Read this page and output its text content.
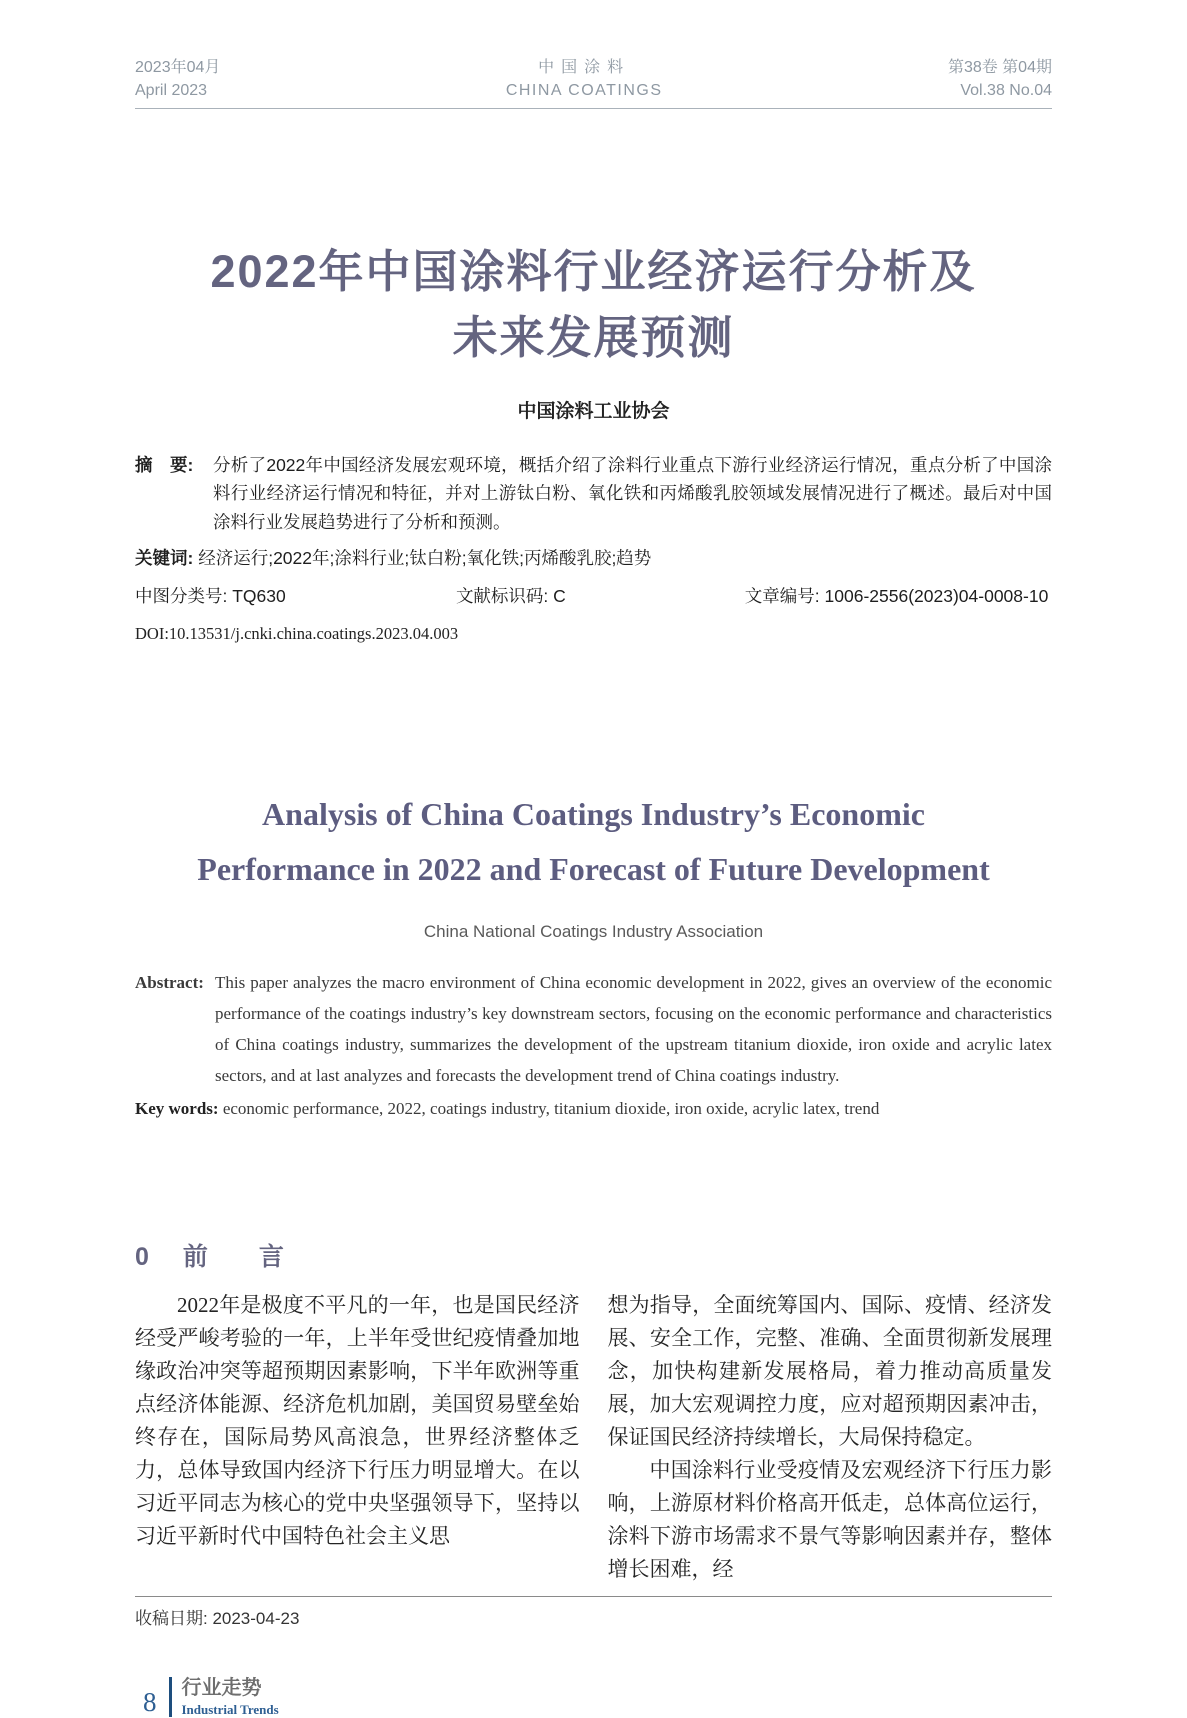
2023年04月
April 2023
中国涂料
CHINA COATINGS
第38卷 第04期
Vol.38 No.04
2022年中国涂料行业经济运行分析及
未来发展预测
中国涂料工业协会
摘　要: 分析了2022年中国经济发展宏观环境，概括介绍了涂料行业重点下游行业经济运行情况，重点分析了中国涂料行业经济运行情况和特征，并对上游钛白粉、氧化铁和丙烯酸乳胶领域发展情况进行了概述。最后对中国涂料行业发展趋势进行了分析和预测。
关键词: 经济运行;2022年;涂料行业;钛白粉;氧化铁;丙烯酸乳胶;趋势
中图分类号: TQ630	文献标识码: C	文章编号: 1006-2556(2023)04-0008-10
DOI:10.13531/j.cnki.china.coatings.2023.04.003
Analysis of China Coatings Industry’s Economic
Performance in 2022 and Forecast of Future Development
China National Coatings Industry Association
Abstract: This paper analyzes the macro environment of China economic development in 2022, gives an overview of the economic performance of the coatings industry’s key downstream sectors, focusing on the economic performance and characteristics of China coatings industry, summarizes the development of the upstream titanium dioxide, iron oxide and acrylic latex sectors, and at last analyzes and forecasts the development trend of China coatings industry.
Key words: economic performance, 2022, coatings industry, titanium dioxide, iron oxide, acrylic latex, trend
0 前 言

2022年是极度不平凡的一年，也是国民经济经受严峻考验的一年，上半年受世纪疫情叠加地缘政治冲突等超预期因素影响，下半年欧洲等重点经济体能源、经济危机加剧，美国贸易壁垒始终存在，国际局势风高浪急，世界经济整体乏力，总体导致国内经济下行压力明显增大。在以习近平同志为核心的党中央坚强领导下，坚持以习近平新时代中国特色社会主义思

想为指导，全面统筹国内、国际、疫情、经济发展、安全工作，完整、准确、全面贯彻新发展理念，加快构建新发展格局，着力推动高质量发展，加大宏观调控力度，应对超预期因素冲击，保证国民经济持续增长，大局保持稳定。

中国涂料行业受疫情及宏观经济下行压力影响，上游原材料价格高开低走，总体高位运行，涂料下游市场需求不景气等影响因素并存，整体增长困难，经

收稿日期: 2023-04-23
8 行业走势
Industrial Trends
